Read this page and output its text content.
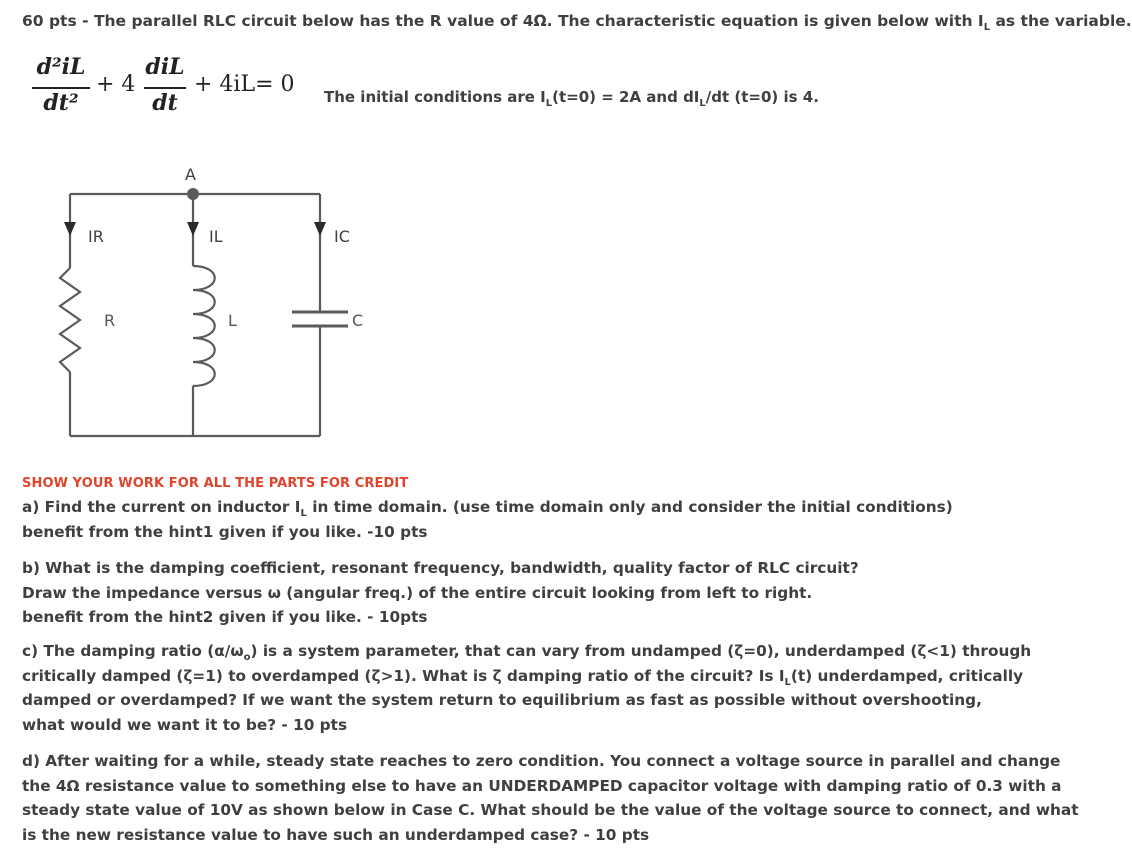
60 pts - The parallel RLC circuit below has the R value of 4Ω. The characteristic equation is given below with $I_L$ as the variable.
d²iL
dt²
+ 4
diL
dt
+ 4iL= 0 The initial conditions are $I_L(t=0) = 2A$ and $dI_L/dt$ (t=0) is 4.
A
IR	IL	IC
R	L	C
SHOW YOUR WORK FOR ALL THE PARTS FOR CREDIT

a) Find the current on inductor $I_L$ in time domain. (use time domain only and consider the initial conditions)

benefit from the hint1 given if you like. -10 pts

b) What is the damping coefficient, resonant frequency, bandwidth, quality factor of RLC circuit?

Draw the impedance versus ω (angular freq.) of the entire circuit looking from left to right.

benefit from the hint2 given if you like. - 10pts

c) The damping ratio $(\alpha/\omega_o)$ is a system parameter, that can vary from undamped (ζ=0), underdamped (ζ<1) through

critically damped (ζ=1) to overdamped (ζ>1). What is ζ damping ratio of the circuit? Is $I_L(t)$ underdamped, critically

damped or overdamped? If we want the system return to equilibrium as fast as possible without overshooting,

what would we want it to be? - 10 pts

d) After waiting for a while, steady state reaches to zero condition. You connect a voltage source in parallel and change

the 4Ω resistance value to something else to have an UNDERDAMPED capacitor voltage with damping ratio of 0.3 with a

steady state value of 10V as shown below in Case C. What should be the value of the voltage source to connect, and what

is the new resistance value to have such an underdamped case? - 10 pts
